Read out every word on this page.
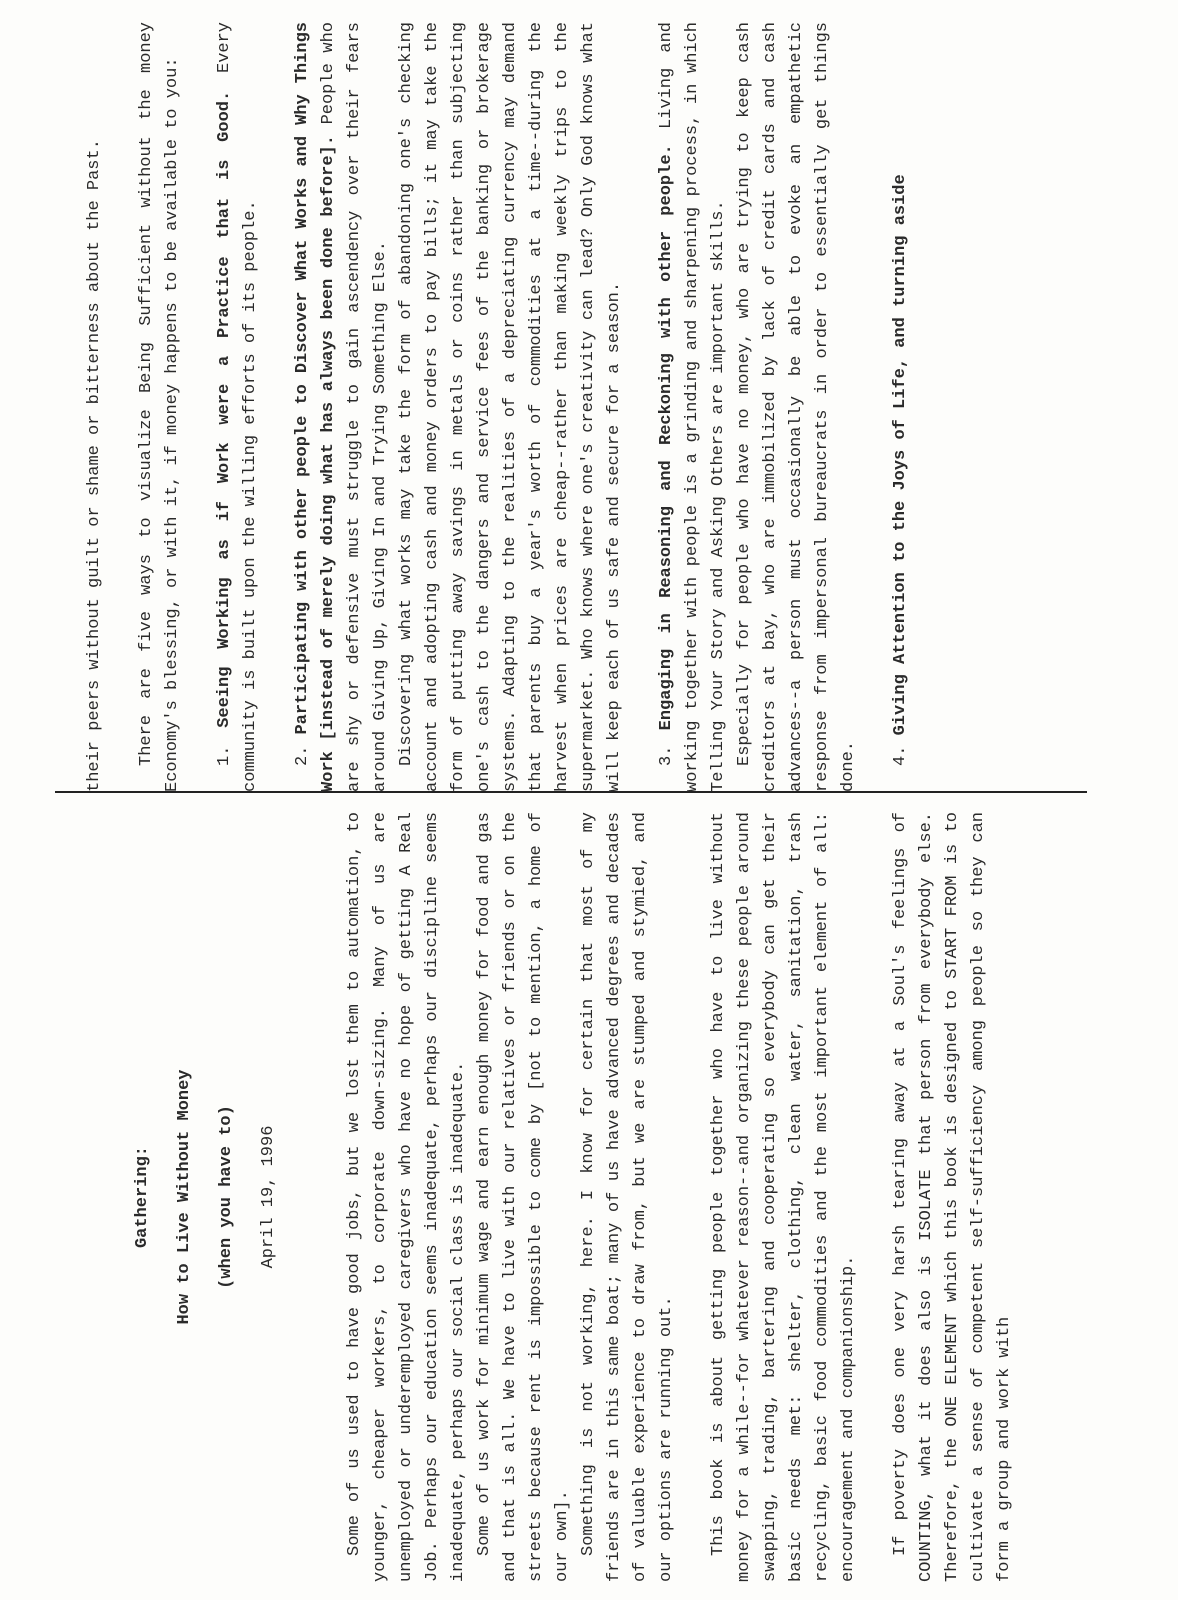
Gathering: How to Live Without Money (when you have to) April 19, 1996	Some of us used to have good jobs, but we lost them to automation, to younger, cheaper workers, to corporate down-sizing. Many of us are unemployed or underemployed caregivers who have no hope of getting A Real Job. Perhaps our education seems inadequate, perhaps our discipline seems inadequate, perhaps our social class is inadequate. Some of us work for minimum wage and earn enough money for food and gas and that is all. We have to live with our relatives or friends or on the streets because rent is impossible to come by [not to mention, a home of our own]. Something is not working, here. I know for certain that most of my friends are in this same boat; many of us have advanced degrees and decades of valuable experience to draw from, but we are stumped and stymied, and our options are running out. This book is about getting people together who have to live without money for a while--for whatever reason--and organizing these people around swapping, trading, bartering and cooperating so everybody can get their basic needs met: shelter, clothing, clean water, sanitation, trash recycling, basic food commodities and the most important element of all: encouragement and companionship. If poverty does one very harsh tearing away at a Soul's feelings of COUNTING, what it does also is ISOLATE that person from everybody else. Therefore, the ONE ELEMENT which this book is designed to START FROM is to cultivate a sense of competent self-sufficiency among people so they can form a group and work with

their peers without guilt or shame or bitterness about the Past. There are five ways to visualize Being Sufficient without the money Economy's blessing, or with it, if money happens to be available to you: 1. Seeing Working as if Work were a Practice that is Good. Every community is built upon the willing efforts of its people. 2. Participating with other people to Discover What Works and Why Things Work [instead of merely doing what has always been done before]. People who are shy or defensive must struggle to gain ascendency over their fears around Giving Up, Giving In and Trying Something Else. Discovering what works may take the form of abandoning one's checking account and adopting cash and money orders to pay bills; it may take the form of putting away savings in metals or coins rather than subjecting one's cash to the dangers and service fees of the banking or brokerage systems. Adapting to the realities of a depreciating currency may demand that parents buy a year's worth of commodities at a time--during the harvest when prices are cheap--rather than making weekly trips to the supermarket. Who knows where one's creativity can lead? Only God knows what will keep each of us safe and secure for a season. 3. Engaging in Reasoning and Reckoning with other people. Living and working together with people is a grinding and sharpening process, in which Telling Your Story and Asking Others are important skills. Especially for people who have no money, who are trying to keep cash creditors at bay, who are immobilized by lack of credit cards and cash advances--a person must occasionally be able to evoke an empathetic response from impersonal bureaucrats in order to essentially get things done. 4. Giving Attention to the Joys of Life, and turning aside
